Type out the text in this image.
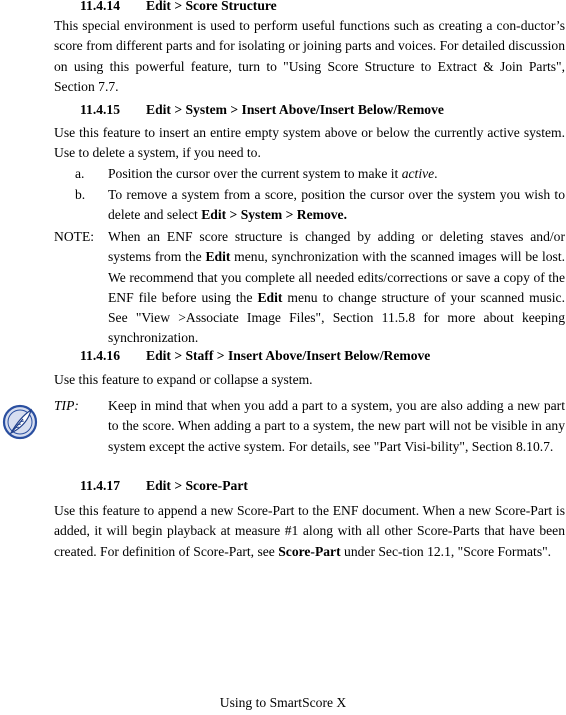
11.4.14 Edit > Score Structure

This special environment is used to perform useful functions such as creating a con-ductor’s score from different parts and for isolating or joining parts and voices. For detailed discussion on using this powerful feature, turn to "Using Score Structure to Extract & Join Parts", Section 7.7.

11.4.15 Edit > System > Insert Above/Insert Below/Remove

Use this feature to insert an entire empty system above or below the currently active system. Use to delete a system, if you need to.

a. Position the cursor over the current system to make it active.
b. To remove a system from a score, position the cursor over the system you wish to delete and select Edit > System > Remove.
NOTE: When an ENF score structure is changed by adding or deleting staves and/or systems from the Edit menu, synchronization with the scanned images will be lost. We recommend that you complete all needed edits/corrections or save a copy of the ENF file before using the Edit menu to change structure of your scanned music. See "View >Associate Image Files", Section 11.5.8 for more about keeping synchronization.
11.4.16 Edit > Staff > Insert Above/Insert Below/Remove

Use this feature to expand or collapse a system.

TIP: Keep in mind that when you add a part to a system, you are also adding a new part to the score. When adding a part to a system, the new part will not be visible in any system except the active system. For details, see "Part Visi-bility", Section 8.10.7.
11.4.17 Edit > Score-Part

Use this feature to append a new Score-Part to the ENF document. When a new Score-Part is added, it will begin playback at measure #1 along with all other Score-Parts that have been created. For definition of Score-Part, see Score-Part under Sec-tion 12.1, "Score Formats".

Using to SmartScore X
